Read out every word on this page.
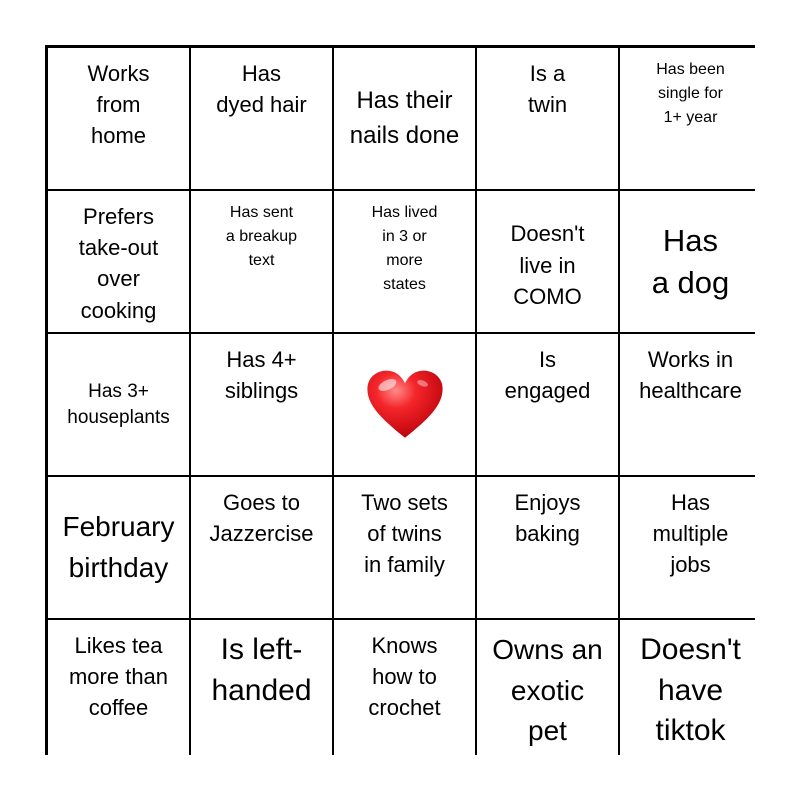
Works
from
home
Has
dyed hair Has their
nails done
Is a
twin
Has been
single for
1+ year
Prefers
take-out
over
cooking
Has sent
a breakup
text
Has lived
in 3 or
more
states
Doesn't
live in
COMO
Has
a dog
Has 3+
houseplants
Has 4+
siblings
Is
engaged
Works in
healthcare
February
birthday
Goes to
Jazzercise
Two sets
of twins
in family
Enjoys
baking
Has
multiple
jobs
Likes tea
more than
coffee
Is left-
handed
Knows
how to
crochet
Owns an
exotic
pet
Doesn't
have
tiktok
